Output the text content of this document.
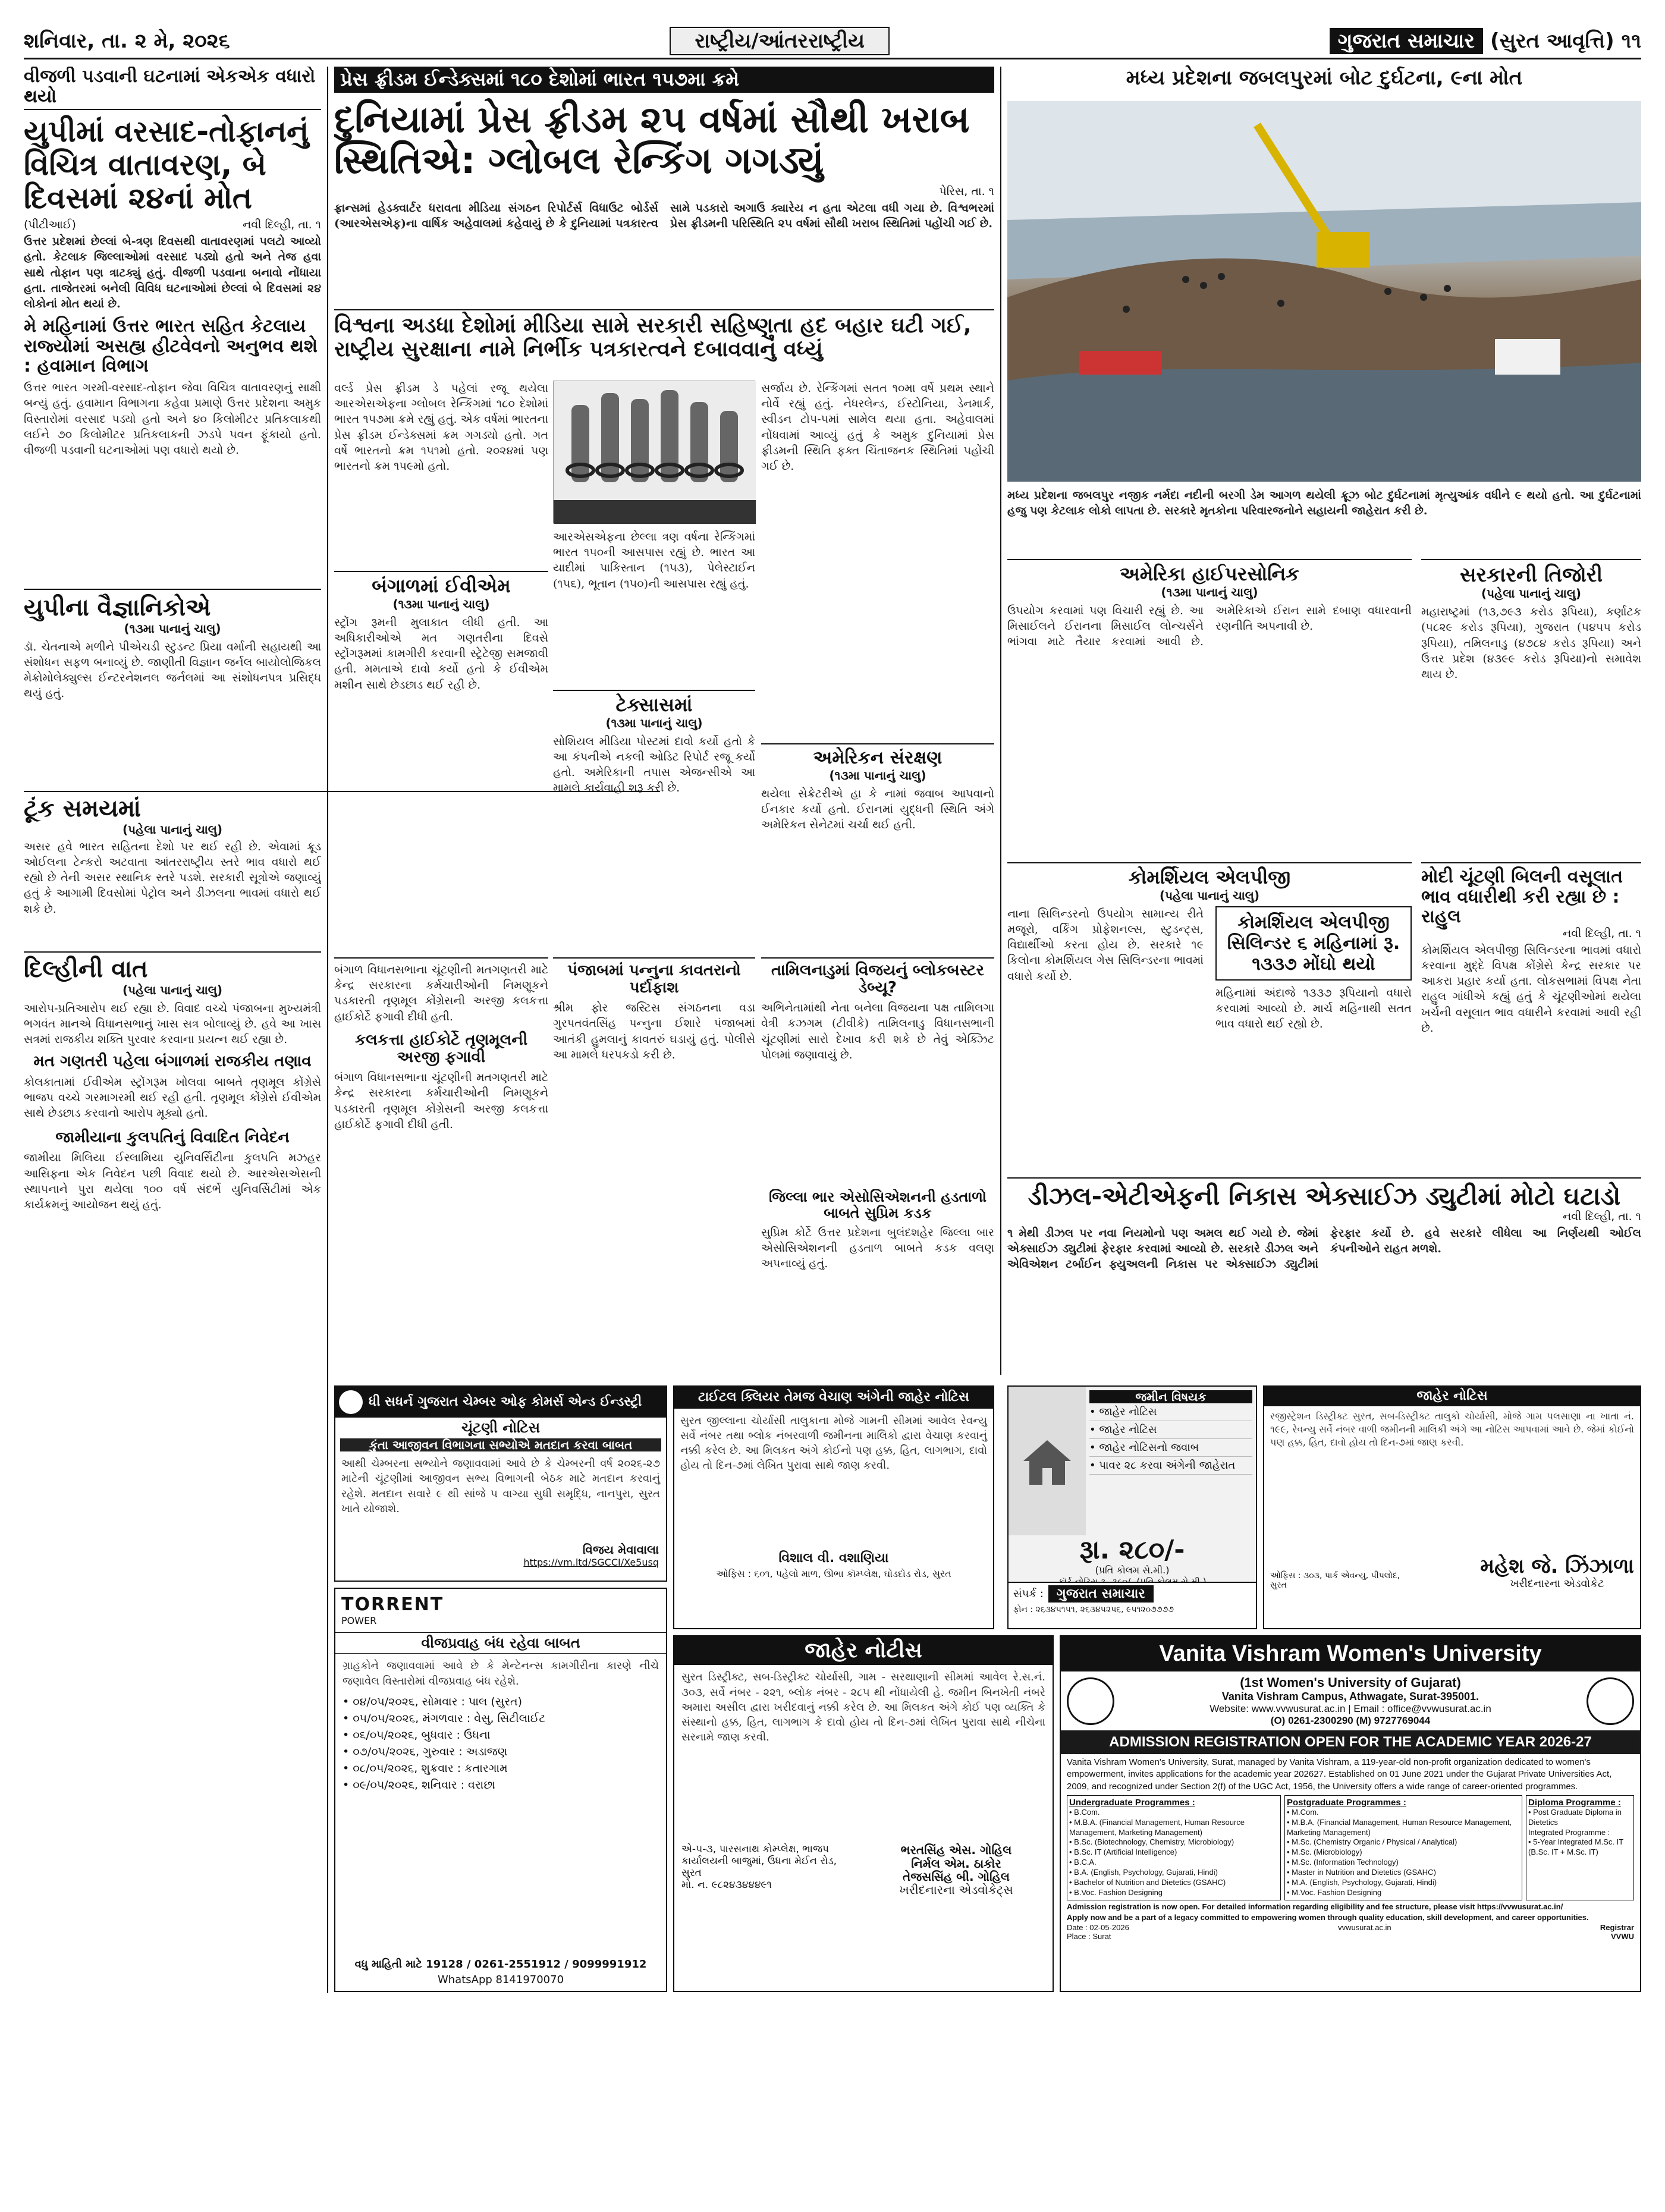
શનિવાર, તા. ૨ મે, ૨૦૨૬	રાષ્ટ્રીય/આંતરરાષ્ટ્રીય	ગુજરાત સમાચાર (સુરત આવૃત્તિ) ૧૧
વીજળી પડવાની ઘટનામાં એકએક વધારો થયો
યુપીમાં વરસાદ-તોફાનનું વિચિત્ર વાતાવરણ, બે દિવસમાં ૨૪નાં મોત
(પીટીઆઈ)	નવી દિલ્હી, તા. ૧
ઉત્તર પ્રદેશમાં છેલ્લાં બે-ત્રણ દિવસથી વાતાવરણમાં પલટો આવ્યો હતો. કેટલાક જિલ્લાઓમાં વરસાદ પડ્યો હતો અને તેજ હવા સાથે તોફાન પણ ત્રાટક્યું હતું. વીજળી પડવાના બનાવો નોંધાયા હતા. તાજેતરમાં બનેલી વિવિધ ઘટનાઓમાં છેલ્લાં બે દિવસમાં ૨૪ લોકોનાં મોત થયાં છે.
મે મહિનામાં ઉત્તર ભારત સહિત કેટલાય રાજ્યોમાં અસહ્ય હીટવેવનો અનુભવ થશે : હવામાન વિભાગ
ઉત્તર ભારત ગરમી-વરસાદ-તોફાન જેવા વિચિત્ર વાતાવરણનું સાક્ષી બન્યું હતું. હવામાન વિભાગના કહેવા પ્રમાણે ઉત્તર પ્રદેશના અમુક વિસ્તારોમાં વરસાદ પડ્યો હતો અને ૪૦ કિલોમીટર પ્રતિકલાકથી લઈને ૭૦ કિલોમીટર પ્રતિકલાકની ઝડપે પવન ફૂંકાયો હતો. વીજળી પડવાની ઘટનાઓમાં પણ વધારો થયો છે.
યુપીના વૈજ્ઞાનિકોએ
(૧૩મા પાનાનું ચાલુ)
ડૉ. ચેતનાએ મળીને પીએચડી સ્ટુડન્ટ પ્રિયા વર્માની સહાયથી આ સંશોધન સફળ બનાવ્યું છે. જાણીતી વિજ્ઞાન જર્નલ બાયોલોજિકલ મેક્રોમોલેક્યુલ્સ ઈન્ટરનેશનલ જર્નલમાં આ સંશોધનપત્ર પ્રસિદ્ધ થયું હતું.
ટૂંક સમયમાં
(પહેલા પાનાનું ચાલુ)
અસર હવે ભારત સહિતના દેશો પર થઈ રહી છે. એવામાં ક્રૂડ ઓઈલના ટેન્કરો અટવાતા આંતરરાષ્ટ્રીય સ્તરે ભાવ વધારો થઈ રહ્યો છે તેની અસર સ્થાનિક સ્તરે પડશે. સરકારી સૂત્રોએ જણાવ્યું હતું કે આગામી દિવસોમાં પેટ્રોલ અને ડીઝલના ભાવમાં વધારો થઈ શકે છે.
દિલ્હીની વાત
(પહેલા પાનાનું ચાલુ)
આરોપ-પ્રતિઆરોપ થઈ રહ્યા છે. વિવાદ વચ્ચે પંજાબના મુખ્યમંત્રી ભગવંત માનએ વિધાનસભાનું ખાસ સત્ર બોલાવ્યું છે. હવે આ ખાસ સત્રમાં રાજકીય શક્તિ પુરવાર કરવાના પ્રયત્ન થઈ રહ્યા છે.
મત ગણતરી પહેલા બંગાળમાં રાજકીય તણાવ
કોલકાતામાં ઈવીએમ સ્ટ્રોંગરૂમ ખોલવા બાબતે તૃણમૂલ કોંગ્રેસે ભાજપ વચ્ચે ગરમાગરમી થઈ રહી હતી. તૃણમૂલ કોંગ્રેસે ઈવીએમ સાથે છેડછાડ કરવાનો આરોપ મૂક્યો હતો.
જામીયાના કુલપતિનું વિવાદિત નિવેદન
જામીયા મિલિયા ઈસ્લામિયા યુનિવર્સિટીના કુલપતિ મઝહર આસિફના એક નિવેદન પછી વિવાદ થયો છે. આરએસએસની સ્થાપનાને પુરા થયેલા ૧૦૦ વર્ષ સંદર્ભે યુનિવર્સિટીમાં એક કાર્યક્રમનું આયોજન થયું હતું.
પ્રેસ ફ્રીડમ ઈન્ડેક્સમાં ૧૮૦ દેશોમાં ભારત ૧૫૭મા ક્રમે
દુનિયામાં પ્રેસ ફ્રીડમ ૨૫ વર્ષમાં સૌથી ખરાબ સ્થિતિએ: ગ્લોબલ રેન્કિંગ ગગડ્યું
પેરિસ, તા. ૧
ફ્રાન્સમાં હેડક્વાર્ટર ધરાવતા મીડિયા સંગઠન રિપોર્ટર્સ વિધાઉટ બોર્ડર્સ (આરએસએફ)ના વાર્ષિક અહેવાલમાં કહેવાયું છે કે દુનિયામાં પત્રકારત્વ સામે પડકારો અગાઉ ક્યારેય ન હતા એટલા વધી ગયા છે. વિશ્વભરમાં પ્રેસ ફ્રીડમની પરિસ્થિતિ ૨૫ વર્ષમાં સૌથી ખરાબ સ્થિતિમાં પહોંચી ગઈ છે.
વિશ્વના અડધા દેશોમાં મીડિયા સામે સરકારી સહિષ્ણુતા હદ બહાર ઘટી ગઈ, રાષ્ટ્રીય સુરક્ષાના નામે નિર્ભીક પત્રકારત્વને દબાવવાનું વધ્યું
વર્લ્ડ પ્રેસ ફ્રીડમ ડે પહેલાં રજૂ થયેલા આરએસએફના ગ્લોબલ રેન્કિંગમાં ૧૮૦ દેશોમાં ભારત ૧૫૭મા ક્રમે રહ્યું હતું. એક વર્ષમાં ભારતના પ્રેસ ફ્રીડમ ઈન્ડેક્સમાં ક્રમ ગગડ્યો હતો. ગત વર્ષે ભારતનો ક્રમ ૧૫૧મો હતો. ૨૦૨૪માં પણ ભારતનો ક્રમ ૧૫૯મો હતો.
આરએસએફના છેલ્લા ત્રણ વર્ષના રેન્કિંગમાં ભારત ૧૫૦ની આસપાસ રહ્યું છે. ભારત આ યાદીમાં પાકિસ્તાન (૧૫૩), પેલેસ્ટાઈન (૧૫૬), ભૂતાન (૧૫૦)ની આસપાસ રહ્યું હતું.
સર્જાય છે. રેન્કિંગમાં સતત ૧૦મા વર્ષે પ્રથમ સ્થાને નોર્વે રહ્યું હતું. નેધરલેન્ડ, ઈસ્ટોનિયા, ડેનમાર્ક, સ્વીડન ટોપ-૫માં સામેલ થયા હતા. અહેવાલમાં નોંધવામાં આવ્યું હતું કે અમુક દુનિયામાં પ્રેસ ફ્રીડમની સ્થિતિ ફક્ત ચિંતાજનક સ્થિતિમાં પહોંચી ગઈ છે.
બંગાળમાં ઈવીએમ
(૧૩મા પાનાનું ચાલુ)
સ્ટ્રોંગ રૂમની મુલાકાત લીધી હતી. આ અધિકારીઓએ મત ગણતરીના દિવસે સ્ટ્રોંગરૂમમાં કામગીરી કરવાની સ્ટ્રેટેજી સમજાવી હતી. મમતાએ દાવો કર્યો હતો કે ઈવીએમ મશીન સાથે છેડછાડ થઈ રહી છે.
ટેક્સાસમાં
(૧૩મા પાનાનું ચાલુ)
સોશિયલ મીડિયા પોસ્ટમાં દાવો કર્યો હતો કે આ કંપનીએ નકલી ઓડિટ રિપોર્ટ રજૂ કર્યો હતો. અમેરિકાની તપાસ એજન્સીએ આ મામલે કાર્યવાહી શરૂ કરી છે.
અમેરિકન સંરક્ષણ
(૧૩મા પાનાનું ચાલુ)
થયેલા સેક્રેટરીએ હા કે નામાં જવાબ આપવાનો ઈનકાર કર્યો હતો. ઈરાનમાં યુદ્ધની સ્થિતિ અંગે અમેરિકન સેનેટમાં ચર્ચા થઈ હતી.
મધ્ય પ્રદેશના જબલપુરમાં બોટ દુર્ઘટના, ૯ના મોત
મધ્ય પ્રદેશના જબલપુર નજીક નર્મદા નદીની બરગી ડેમ આગળ થયેલી ક્રૂઝ બોટ દુર્ઘટનામાં મૃત્યુઆંક વધીને ૯ થયો હતો. આ દુર્ઘટનામાં હજુ પણ કેટલાક લોકો લાપતા છે. સરકારે મૃતકોના પરિવારજનોને સહાયની જાહેરાત કરી છે.
અમેરિકા હાઈપરસોનિક
(૧૩મા પાનાનું ચાલુ)
ઉપયોગ કરવામાં પણ વિચારી રહ્યું છે. આ મિસાઈલને ઈરાનના મિસાઈલ લોન્ચર્સને ભાંગવા માટે તૈયાર કરવામાં આવી છે. અમેરિકાએ ઈરાન સામે દબાણ વધારવાની રણનીતિ અપનાવી છે.
સરકારની તિજોરી
(પહેલા પાનાનું ચાલુ)
મહારાષ્ટ્રમાં (૧૩,૭૯૩ કરોડ રૂપિયા), કર્ણાટક (૫૮૨૯ કરોડ રૂપિયા), ગુજરાત (૫૪૫૫ કરોડ રૂપિયા), તમિલનાડુ (૪૭૮૪ કરોડ રૂપિયા) અને ઉત્તર પ્રદેશ (૪૩૯૯ કરોડ રૂપિયા)નો સમાવેશ થાય છે.
કોમર્શિયલ એલપીજી
(પહેલા પાનાનું ચાલુ)
નાના સિલિન્ડરનો ઉપયોગ સામાન્ય રીતે મજૂરો, વર્કિંગ પ્રોફેશનલ્સ, સ્ટુડન્ટ્સ, વિદ્યાર્થીઓ કરતા હોય છે. સરકારે ૧૯ કિલોના કોમર્શિયલ ગેસ સિલિન્ડરના ભાવમાં વધારો કર્યો છે.
કોમર્શિયલ એલપીજી સિલિન્ડર ૬ મહિનામાં રૂ. ૧૩૩૭ મોંઘો થયો
મહિનામાં અંદાજે ૧૩૩૭ રૂપિયાનો વધારો કરવામાં આવ્યો છે. માર્ચ મહિનાથી સતત ભાવ વધારો થઈ રહ્યો છે.
મોદી ચૂંટણી બિલની વસૂલાત ભાવ વધારીથી કરી રહ્યા છે : રાહુલ
નવી દિલ્હી, તા. ૧
કોમર્શિયલ એલપીજી સિલિન્ડરના ભાવમાં વધારો કરવાના મુદ્દે વિપક્ષ કોંગ્રેસે કેન્દ્ર સરકાર પર આકરા પ્રહાર કર્યા હતા. લોકસભામાં વિપક્ષ નેતા રાહુલ ગાંધીએ કહ્યું હતું કે ચૂંટણીઓમાં થયેલા ખર્ચની વસૂલાત ભાવ વધારીને કરવામાં આવી રહી છે.
ડીઝલ-એટીએફની નિકાસ એક્સાઈઝ ડ્યુટીમાં મોટો ઘટાડો
નવી દિલ્હી, તા. ૧
૧ મેથી ડીઝલ પર નવા નિયમોનો પણ અમલ થઈ ગયો છે. જેમાં એક્સાઈઝ ડ્યુટીમાં ફેરફાર કરવામાં આવ્યો છે. સરકારે ડીઝલ અને એવિએશન ટર્બાઈન ફ્યુઅલની નિકાસ પર એક્સાઈઝ ડ્યુટીમાં ફેરફાર કર્યો છે. હવે સરકારે લીધેલા આ નિર્ણયથી ઓઈલ કંપનીઓને રાહત મળશે.
બંગાળ વિધાનસભાના ચૂંટણીની મતગણતરી માટે કેન્દ્ર સરકારના કર્મચારીઓની નિમણૂકને પડકારતી તૃણમૂલ કોંગ્રેસની અરજી કલકત્તા હાઈકોર્ટે ફગાવી દીધી હતી.
કલકત્તા હાઈકોર્ટે તૃણમૂલની અરજી ફગાવી
બંગાળ વિધાનસભાના ચૂંટણીની મતગણતરી માટે કેન્દ્ર સરકારના કર્મચારીઓની નિમણૂકને પડકારતી તૃણમૂલ કોંગ્રેસની અરજી કલકત્તા હાઈકોર્ટે ફગાવી દીધી હતી.
પંજાબમાં પન્નુના કાવતરાનો પર્દાફાશ
શ્રીમ ફોર જસ્ટિસ સંગઠનના વડા ગુરપતવંતસિંહ પન્નુના ઈશારે પંજાબમાં આતંકી હુમલાનું કાવતરું ઘડાયું હતું. પોલીસે આ મામલે ધરપકડો કરી છે.
તામિલનાડુમાં વિજયનું બ્લોકબસ્ટર ડેબ્યૂ?
અભિનેતામાંથી નેતા બનેલા વિજયના પક્ષ તામિલગા વેત્રી કઝગમ (ટીવીકે) તામિલનાડુ વિધાનસભાની ચૂંટણીમાં સારો દેખાવ કરી શકે છે તેવું એક્ઝિટ પોલમાં જણાવાયું છે.
જિલ્લા ભાર એસોસિએશનની હડતાળો બાબતે સુપ્રિમ કડક
સુપ્રિમ કોર્ટે ઉત્તર પ્રદેશના બુલંદશહેર જિલ્લા બાર એસોસિએશનની હડતાળ બાબતે કડક વલણ અપનાવ્યું હતું.
ધી સધર્ન ગુજરાત ચેમ્બર ઓફ કોમર્સ એન્ડ ઈન્ડસ્ટ્રી
ચૂંટણી નોટિસ
કુંતા આજીવન વિભાગના સભ્યોએ મતદાન કરવા બાબત
આથી ચેમ્બરના સભ્યોને જણાવવામાં આવે છે કે ચેમ્બરની વર્ષ ૨૦૨૬-૨૭ માટેની ચૂંટણીમાં આજીવન સભ્ય વિભાગની બેઠક માટે મતદાન કરવાનું રહેશે. મતદાન સવારે ૯ થી સાંજે ૫ વાગ્યા સુધી સમૃદ્ધિ, નાનપુરા, સુરત ખાતે યોજાશે.
વિજય મેવાવાલા
https://vm.ltd/SGCCI/Xe5usq
TORRENT
POWER
વીજપ્રવાહ બંધ રહેવા બાબત
ગ્રાહકોને જણાવવામાં આવે છે કે મેન્ટેનન્સ કામગીરીના કારણે નીચે જણાવેલ વિસ્તારોમાં વીજપ્રવાહ બંધ રહેશે.
• ૦૪/૦૫/૨૦૨૬, સોમવાર : પાલ (સુરત)
• ૦૫/૦૫/૨૦૨૬, મંગળવાર : વેસુ, સિટીલાઈટ
• ૦૬/૦૫/૨૦૨૬, બુધવાર : ઉધના
• ૦૭/૦૫/૨૦૨૬, ગુરુવાર : અડાજણ
• ૦૮/૦૫/૨૦૨૬, શુક્રવાર : કતારગામ
• ૦૯/૦૫/૨૦૨૬, શનિવાર : વરાછા
વધુ માહિતી માટે 19128 / 0261-2551912 / 9099991912
WhatsApp 8141970070
ટાઈટલ ક્લિયર તેમજ વેચાણ અંગેની જાહેર નોટિસ
સુરત જીલ્લાના ચોર્યાસી તાલુકાના મોજે ગામની સીમમાં આવેલ રેવન્યુ સર્વે નંબર તથા બ્લોક નંબરવાળી જમીનના માલિકો દ્વારા વેચાણ કરવાનું નક્કી કરેલ છે. આ મિલકત અંગે કોઈનો પણ હક્ક, હિત, લાગભાગ, દાવો હોય તો દિન-૭માં લેખિત પુરાવા સાથે જાણ કરવી.
વિશાલ વી. વશાણિયા
ઓફિસ : ૬૦૧, પહેલો માળ, ઊભા કૉમ્પ્લેક્ષ, ઘોડદોડ રોડ, સુરત
જાહેર નોટીસ
સુરત ડિસ્ટ્રીક્ટ, સબ-ડિસ્ટ્રીક્ટ ચોર્યાસી, ગામ - સરથાણાની સીમમાં આવેલ રે.સ.નં. ૩૦૩, સર્વે નંબર - ૨૨૧, બ્લોક નંબર - ૨૮૫ થી નોંધાયેલી હે. જમીન બિનખેતી નંબરે અમારા અસીલ દ્વારા ખરીદવાનું નક્કી કરેલ છે. આ મિલકત અંગે કોઈ પણ વ્યક્તિ કે સંસ્થાનો હક્ક, હિત, લાગભાગ કે દાવો હોય તો દિન-૭માં લેખિત પુરાવા સાથે નીચેના સરનામે જાણ કરવી.
એ-૫-૩, પારસનાથ કોમ્પ્લેક્ષ, ભાજપ કાર્યાલયની બાજુમાં, ઉધના મેઈન રોડ, સુરત
મો. ન. ૯૮૨૪૩૪૪૪૯૧
ભરતસિંહ એસ. ગોહિલ
નિર્મલ એમ. ઠાકોર
તેજસસિંહ બી. ગોહિલ
ખરીદનારના એડવોકેટ્સ
જમીન વિષયક
• જાહેર નોટિસ
• જાહેર નોટિસ
• જાહેર નોટિસનો જવાબ
• પાવર ૨૮ કરવા અંગેની જાહેરાત
રૂા. ૨૮૦/-
(પ્રતિ કોલમ સે.મી.)
સંપર્ક :	ગુજરાત સમાચાર
ફોન : ૨૬૩૪૫૧૫૧, ૨૬૩૪૫૨૫૬, ૯૫૧૨૦૭૭૭૭
જાહેર નોટિસ
રજીસ્ટ્રેશન ડિસ્ટ્રીક્ટ સુરત, સબ-ડિસ્ટ્રીક્ટ તાલુકો ચોર્યાસી, મોજે ગામ પલસાણા ના ખાતા નં. ૧૯૯, રેવન્યુ સર્વે નંબર વાળી જમીનની માલિકી અંગે આ નોટિસ આપવામાં આવે છે. જેમાં કોઈનો પણ હક્ક, હિત, દાવો હોય તો દિન-૭માં જાણ કરવી.
ઓફિસ : ૩૦૩, પાર્ક એવન્યુ, પીપલોદ, સુરત
મહેશ જે. ઝિંઝાળા
ખરીદનારના એડવોકેટ
Vanita Vishram Women's University
(1st Women's University of Gujarat)
Vanita Vishram Campus, Athwagate, Surat-395001.
Website: www.vvwusurat.ac.in | Email : office@vvwusurat.ac.in
(O) 0261-2300290 (M) 9727769044
ADMISSION REGISTRATION OPEN FOR THE ACADEMIC YEAR 2026-27
Vanita Vishram Women's University, Surat, managed by Vanita Vishram, a 119-year-old non-profit organization dedicated to women's empowerment, invites applications for the academic year 202627. Established on 01 June 2021 under the Gujarat Private Universities Act, 2009, and recognized under Section 2(f) of the UGC Act, 1956, the University offers a wide range of career-oriented programmes.
Undergraduate Programmes :
• B.Com.
• M.B.A. (Financial Management, Human Resource Management, Marketing Management)
• B.Sc. (Biotechnology, Chemistry, Microbiology)
• B.Sc. IT (Artificial Intelligence)
• B.C.A.
• B.A. (English, Psychology, Gujarati, Hindi)
• Bachelor of Nutrition and Dietetics (GSAHC)
• B.Voc. Fashion Designing
Postgraduate Programmes :
• M.Com.
• M.B.A. (Financial Management, Human Resource Management, Marketing Management)
• M.Sc. (Chemistry Organic / Physical / Analytical)
• M.Sc. (Microbiology)
• M.Sc. (Information Technology)
• Master in Nutrition and Dietetics (GSAHC)
• M.A. (English, Psychology, Gujarati, Hindi)
• M.Voc. Fashion Designing
Diploma Programme :
• Post Graduate Diploma in Dietetics
Integrated Programme :
• 5-Year Integrated M.Sc. IT (B.Sc. IT + M.Sc. IT)
Admission registration is now open. For detailed information regarding eligibility and fee structure, please visit https://vvwusurat.ac.in/
Apply now and be a part of a legacy committed to empowering women through quality education, skill development, and career opportunities.
Date : 02-05-2026
Place : Surat
vvwusurat.ac.in	Registrar
VVWU
